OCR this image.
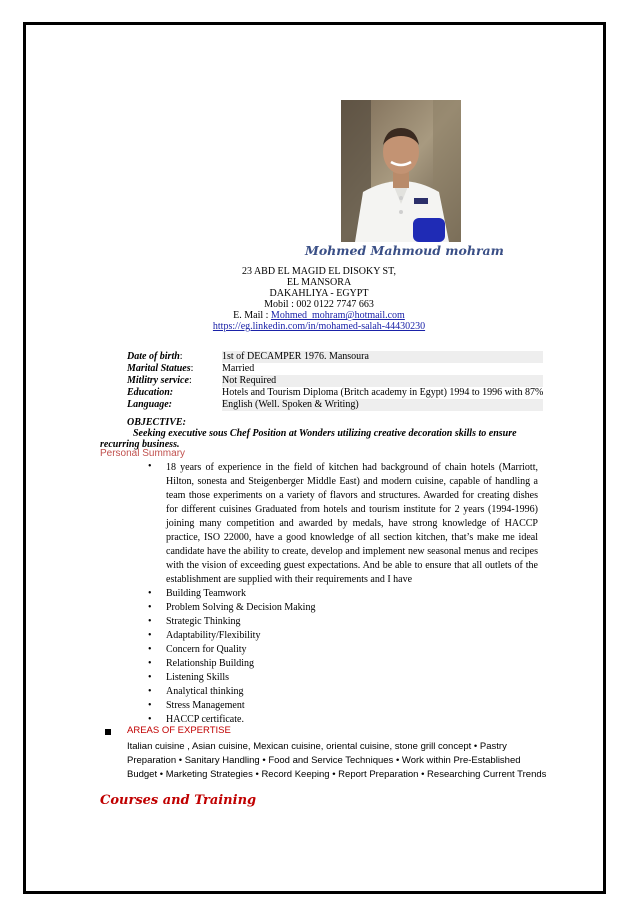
Mohmed Mahmoud mohram
23 ABD EL MAGID EL DISOKY ST,
EL MANSORA
DAKAHLIYA - EGYPT
Mobil : 002 0122 7747 663
E. Mail : Mohmed_mohram@hotmail.com
https://eg.linkedin.com/in/mohamed-salah-44430230
Date of birth:	1st of DECAMPER 1976. Mansoura
Marital Statues:	Married
Mitlitry service:	Not Required
Education:	Hotels and Tourism Diploma (Britch academy in Egypt) 1994 to 1996 with 87%
Language:	English (Well. Spoken & Writing)
OBJECTIVE:
Seeking executive sous Chef Position at Wonders utilizing creative decoration skills to ensure recurring business.
Personal Summary
• 18 years of experience in the field of kitchen had background of chain hotels (Marriott, Hilton, sonesta and Steigenberger Middle East) and modern cuisine, capable of handling a team those experiments on a variety of flavors and structures. Awarded for creating dishes for different cuisines Graduated from hotels and tourism institute for 2 years (1994-1996) joining many competition and awarded by medals, have strong knowledge of HACCP practice, ISO 22000, have a good knowledge of all section kitchen, that’s make me ideal candidate have the ability to create, develop and implement new seasonal menus and recipes with the vision of exceeding guest expectations. And be able to ensure that all outlets of the establishment are supplied with their requirements and I have

• Building Teamwork
• Problem Solving & Decision Making
• Strategic Thinking
• Adaptability/Flexibility
• Concern for Quality
• Relationship Building
• Listening Skills
• Analytical thinking
• Stress Management
• HACCP certificate.
AREAS OF EXPERTISE
Italian cuisine , Asian cuisine, Mexican cuisine, oriental cuisine, stone grill concept • Pastry Preparation • Sanitary Handling • Food and Service Techniques • Work within Pre-Established Budget • Marketing Strategies • Record Keeping • Report Preparation • Researching Current Trends
Courses and Training
